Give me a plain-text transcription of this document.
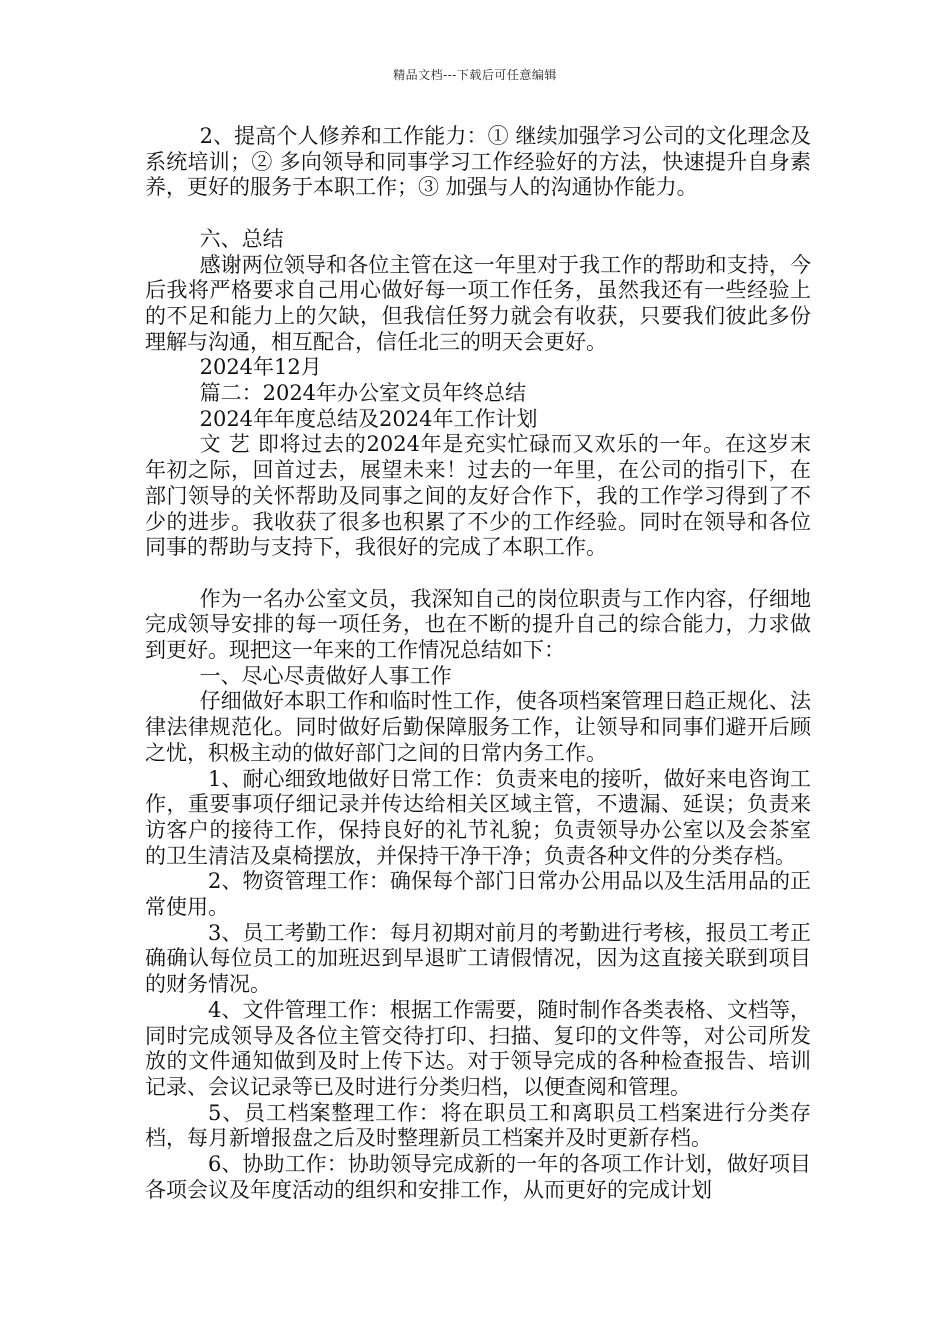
精品文档---下载后可任意编辑

2、提高个人修养和工作能力：① 继续加强学习公司的文化理念及系统培训；② 多向领导和同事学习工作经验好的方法，快速提升自身素养，更好的服务于本职工作；③ 加强与人的沟通协作能力。

六、总结

感谢两位领导和各位主管在这一年里对于我工作的帮助和支持，今后我将严格要求自己用心做好每一项工作任务，虽然我还有一些经验上的不足和能力上的欠缺，但我信任努力就会有收获，只要我们彼此多份理解与沟通，相互配合，信任北三的明天会更好。

2024年12月

篇二：2024年办公室文员年终总结

2024年年度总结及2024年工作计划

文 艺 即将过去的2024年是充实忙碌而又欢乐的一年。在这岁末年初之际，回首过去，展望未来！过去的一年里，在公司的指引下，在部门领导的关怀帮助及同事之间的友好合作下，我的工作学习得到了不少的进步。我收获了很多也积累了不少的工作经验。同时在领导和各位同事的帮助与支持下，我很好的完成了本职工作。

作为一名办公室文员，我深知自己的岗位职责与工作内容，仔细地完成领导安排的每一项任务，也在不断的提升自己的综合能力，力求做到更好。现把这一年来的工作情况总结如下：

一、尽心尽责做好人事工作

仔细做好本职工作和临时性工作，使各项档案管理日趋正规化、法律法律规范化。同时做好后勤保障服务工作，让领导和同事们避开后顾之忧，积极主动的做好部门之间的日常内务工作。

1、耐心细致地做好日常工作：负责来电的接听，做好来电咨询工作，重要事项仔细记录并传达给相关区域主管，不遗漏、延误；负责来访客户的接待工作，保持良好的礼节礼貌；负责领导办公室以及会茶室的卫生清洁及桌椅摆放，并保持干净干净；负责各种文件的分类存档。

2、物资管理工作：确保每个部门日常办公用品以及生活用品的正常使用。

3、员工考勤工作：每月初期对前月的考勤进行考核，报员工考正确确认每位员工的加班迟到早退旷工请假情况，因为这直接关联到项目的财务情况。

4、文件管理工作：根据工作需要，随时制作各类表格、文档等，同时完成领导及各位主管交待打印、扫描、复印的文件等，对公司所发放的文件通知做到及时上传下达。对于领导完成的各种检查报告、培训记录、会议记录等已及时进行分类归档，以便查阅和管理。

5、员工档案整理工作：将在职员工和离职员工档案进行分类存档，每月新增报盘之后及时整理新员工档案并及时更新存档。

6、协助工作：协助领导完成新的一年的各项工作计划，做好项目各项会议及年度活动的组织和安排工作，从而更好的完成计划
